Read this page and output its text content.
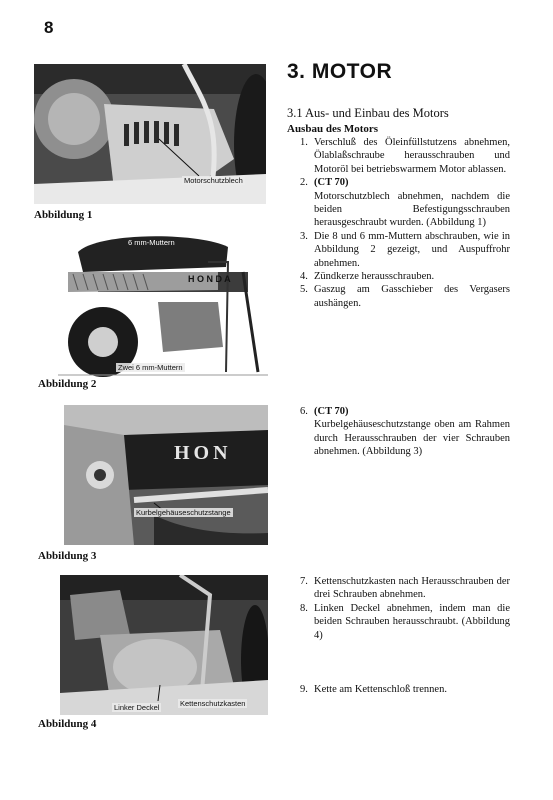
8
Motorschutzblech
Abbildung 1
6 mm-Muttern
H O N D A
Zwei 6 mm-Muttern
Abbildung 2
HON
Kurbelgehäuseschutzstange
Abbildung 3
Linker Deckel	Kettenschutzkasten
Abbildung 4
3. MOTOR
3.1 Aus- und Einbau des Motors
Ausbau des Motors
1. Verschluß des Öleinfüllstutzens abnehmen, Ölablaßschraube herausschrauben und Motoröl bei betriebswarmem Motor ablassen.
2. (CT 70)
Motorschutzblech abnehmen, nachdem die beiden Befestigungsschrauben herausgeschraubt wurden. (Abbildung 1)
3. Die 8 und 6 mm-Muttern abschrauben, wie in Abbildung 2 gezeigt, und Auspuffrohr abnehmen.
4. Zündkerze herausschrauben.
5. Gaszug am Gasschieber des Vergasers aushängen.
6. (CT 70)
Kurbelgehäuseschutzstange oben am Rahmen durch Herausschrauben der vier Schrauben abnehmen. (Abbildung 3)
7. Kettenschutzkasten nach Herausschrauben der drei Schrauben abnehmen.
8. Linken Deckel abnehmen, indem man die beiden Schrauben herausschraubt. (Abbildung 4)
9. Kette am Kettenschloß trennen.
